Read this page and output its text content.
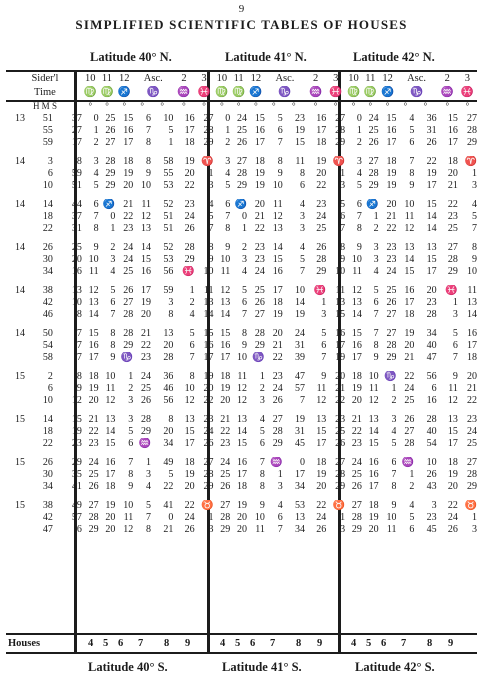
9
SIMPLIFIED SCIENTIFIC TABLES OF HOUSES
Latitude 40° N.	Latitude 41° N.	Latitude 42° N.
Sider'l			10	11	12	Asc.		2	3	10	11	12	Asc.		2	3	10	11	12	Asc.		2	3
Time			♍	♍	♐	♑		♒	♓	♍	♍	♐	♑		♒	♓	♍	♍	♐	♑		♒	♓
H M S			°	°	°	°	°	°	°	°	°	°	°	°	°	°	°	°	°	°	°	°	°
13	51	37	0	25	15	6	10	16	27	0	24	15	5	23	16	27	0	24	15	4	36	15	27
	55	27	1	26	16	7	5	17	28	1	25	16	6	19	17	28	1	25	16	5	31	16	28
	59	17	2	27	17	8	1	18	29	2	26	17	7	15	18	29	2	26	17	6	26	17	29

14	3	8	3	28	18	8	58	19	♈	3	27	18	8	11	19	♈	3	27	18	7	22	18	♈
	6	59	4	29	19	9	55	20	1	4	28	19	9	8	20	1	4	28	19	8	19	20	1
	10	51	5	29	20	10	53	22	3	5	29	19	10	6	22	3	5	29	19	9	17	21	3

14	14	44	6	♐	21	11	52	23	4	6	♐	20	11	4	23	5	6	♐	20	10	15	22	4
	18	37	7	0	22	12	51	24	5	7	0	21	12	3	24	6	7	1	21	11	14	23	5
	22	31	8	1	23	13	51	26	7	8	1	22	13	3	25	7	8	2	22	12	14	25	7

14	26	25	9	2	24	14	52	28	8	9	2	23	14	4	26	8	9	3	23	13	13	27	8
	30	20	10	3	24	15	53	29	9	10	3	23	15	5	28	9	10	3	23	14	15	28	9
	34	16	11	4	25	16	56	♓	10	11	4	24	16	7	29	10	11	4	24	15	17	29	10

14	38	13	12	5	26	17	59	1	11	12	5	25	17	10	♓	11	12	5	25	16	20	♓	11
	42	10	13	6	27	19	3	2	13	13	6	26	18	14	1	13	13	6	26	17	23	1	13
	46	8	14	7	28	20	8	4	14	14	7	27	19	19	3	15	14	7	27	18	28	3	14

14	50	7	15	8	28	21	13	5	15	15	8	28	20	24	5	16	15	7	27	19	34	5	16
	54	7	16	8	29	22	20	6	16	16	9	29	21	31	6	17	16	8	28	20	40	6	17
	58	7	17	9	♑	23	28	7	17	17	10	♑	22	39	7	19	17	9	29	21	47	7	18

15	2	8	18	10	1	24	36	8	19	18	11	1	23	47	9	20	18	10	♑	22	56	9	20
	6	9	19	11	2	25	46	10	20	19	12	2	24	57	11	21	19	11	1	24	6	11	21
	10	12	20	12	3	26	56	12	22	20	12	3	26	7	12	22	20	12	2	25	16	12	22

15	14	15	21	13	3	28	8	13	23	21	13	4	27	19	13	23	21	13	3	26	28	13	23
	18	19	22	14	5	29	20	15	24	22	14	5	28	31	15	25	22	14	4	27	40	15	24
	22	23	23	15	6	♒	34	17	26	23	15	6	29	45	17	26	23	15	5	28	54	17	25

15	26	29	24	16	7	1	49	18	27	24	16	7	♒	0	18	27	24	16	6	♒	10	18	27
	30	35	25	17	8	3	5	19	28	25	17	8	1	17	19	28	25	16	7	1	26	19	28
	34	41	26	18	9	4	22	20	29	26	18	8	3	34	20	29	26	17	8	2	43	20	29

15	38	49	27	19	10	5	41	22	♉	27	19	9	4	53	22	♉	27	18	9	4	3	22	♉
	42	57	28	20	11	7	0	24	1	28	20	10	6	13	24	1	28	19	10	5	23	24	1
	47	6	29	20	12	8	21	26	3	29	20	11	7	34	26	3	29	20	11	6	45	26	3
Houses	4 5 6 7 8 9	4 5 6 7 8 9	4 5 6 7 8 9
Latitude 40° S.	Latitude 41° S.	Latitude 42° S.
